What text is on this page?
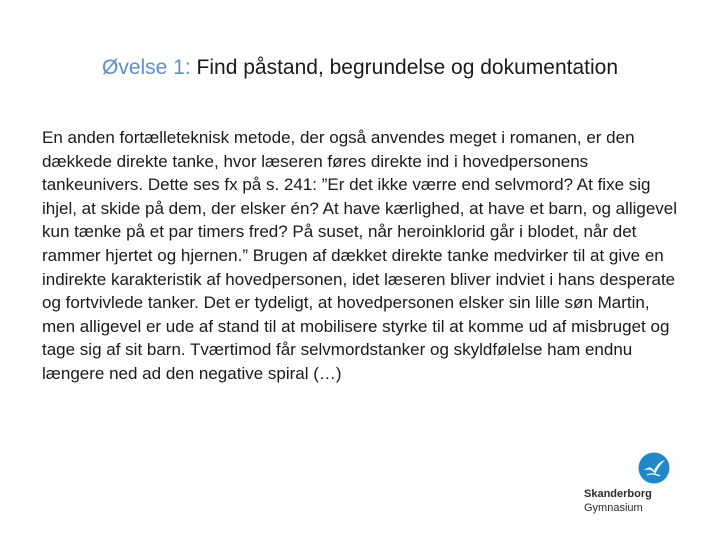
Øvelse 1: Find påstand, begrundelse og dokumentation

En anden fortælleteknisk metode, der også anvendes meget i romanen, er den dækkede direkte tanke, hvor læseren føres direkte ind i hovedpersonens tankeunivers. Dette ses fx på s. 241: ”Er det ikke værre end selvmord? At fixe sig ihjel, at skide på dem, der elsker én? At have kærlighed, at have et barn, og alligevel kun tænke på et par timers fred? På suset, når heroinklorid går i blodet, når det rammer hjertet og hjernen.” Brugen af dækket direkte tanke medvirker til at give en indirekte karakteristik af hovedpersonen, idet læseren bliver indviet i hans desperate og fortvivlede tanker. Det er tydeligt, at hovedpersonen elsker sin lille søn Martin, men alligevel er ude af stand til at mobilisere styrke til at komme ud af misbruget og tage sig af sit barn. Tværtimod får selvmordstanker og skyldfølelse ham endnu længere ned ad den negative spiral (…)

Skanderborg
Gymnasium
